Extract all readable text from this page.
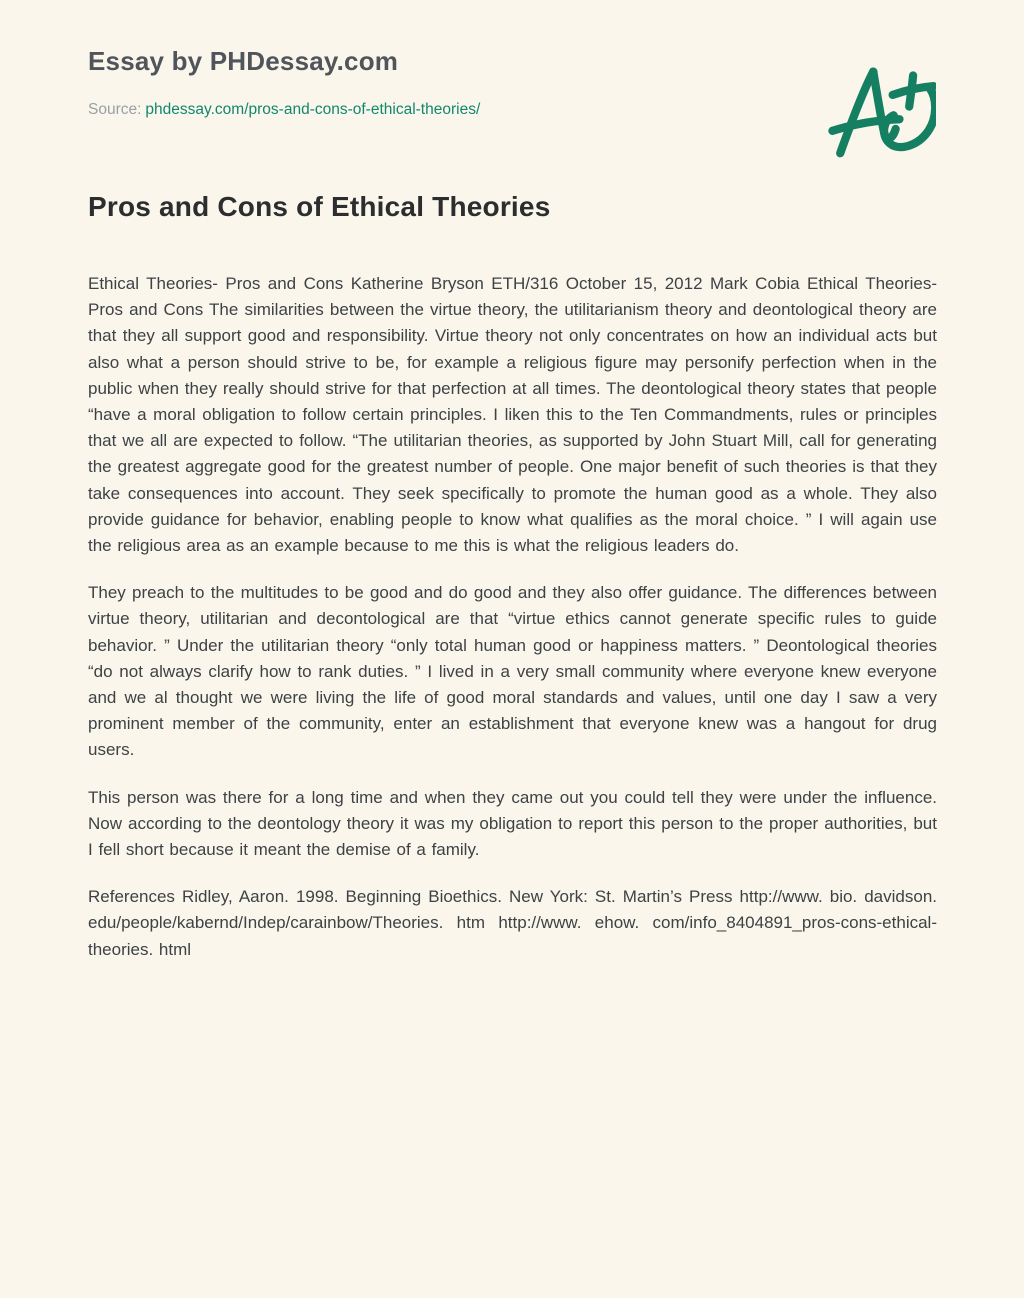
Essay by PHDessay.com

Source: phdessay.com/pros-and-cons-of-ethical-theories/

Pros and Cons of Ethical Theories

Ethical Theories- Pros and Cons Katherine Bryson ETH/316 October 15, 2012 Mark Cobia Ethical Theories- Pros and Cons The similarities between the virtue theory, the utilitarianism theory and deontological theory are that they all support good and responsibility. Virtue theory not only concentrates on how an individual acts but also what a person should strive to be, for example a religious figure may personify perfection when in the public when they really should strive for that perfection at all times. The deontological theory states that people “have a moral obligation to follow certain principles. I liken this to the Ten Commandments, rules or principles that we all are expected to follow. “The utilitarian theories, as supported by John Stuart Mill, call for generating the greatest aggregate good for the greatest number of people. One major benefit of such theories is that they take consequences into account. They seek specifically to promote the human good as a whole. They also provide guidance for behavior, enabling people to know what qualifies as the moral choice. ” I will again use the religious area as an example because to me this is what the religious leaders do.

They preach to the multitudes to be good and do good and they also offer guidance. The differences between virtue theory, utilitarian and decontological are that “virtue ethics cannot generate specific rules to guide behavior. ” Under the utilitarian theory “only total human good or happiness matters. ” Deontological theories “do not always clarify how to rank duties. ” I lived in a very small community where everyone knew everyone and we al thought we were living the life of good moral standards and values, until one day I saw a very prominent member of the community, enter an establishment that everyone knew was a hangout for drug users.

This person was there for a long time and when they came out you could tell they were under the influence. Now according to the deontology theory it was my obligation to report this person to the proper authorities, but I fell short because it meant the demise of a family.

References Ridley, Aaron. 1998. Beginning Bioethics. New York: St. Martin’s Press http://www. bio. davidson. edu/people/kabernd/Indep/carainbow/Theories. htm http://www. ehow. com/info_8404891_pros-cons-ethical-theories. html
